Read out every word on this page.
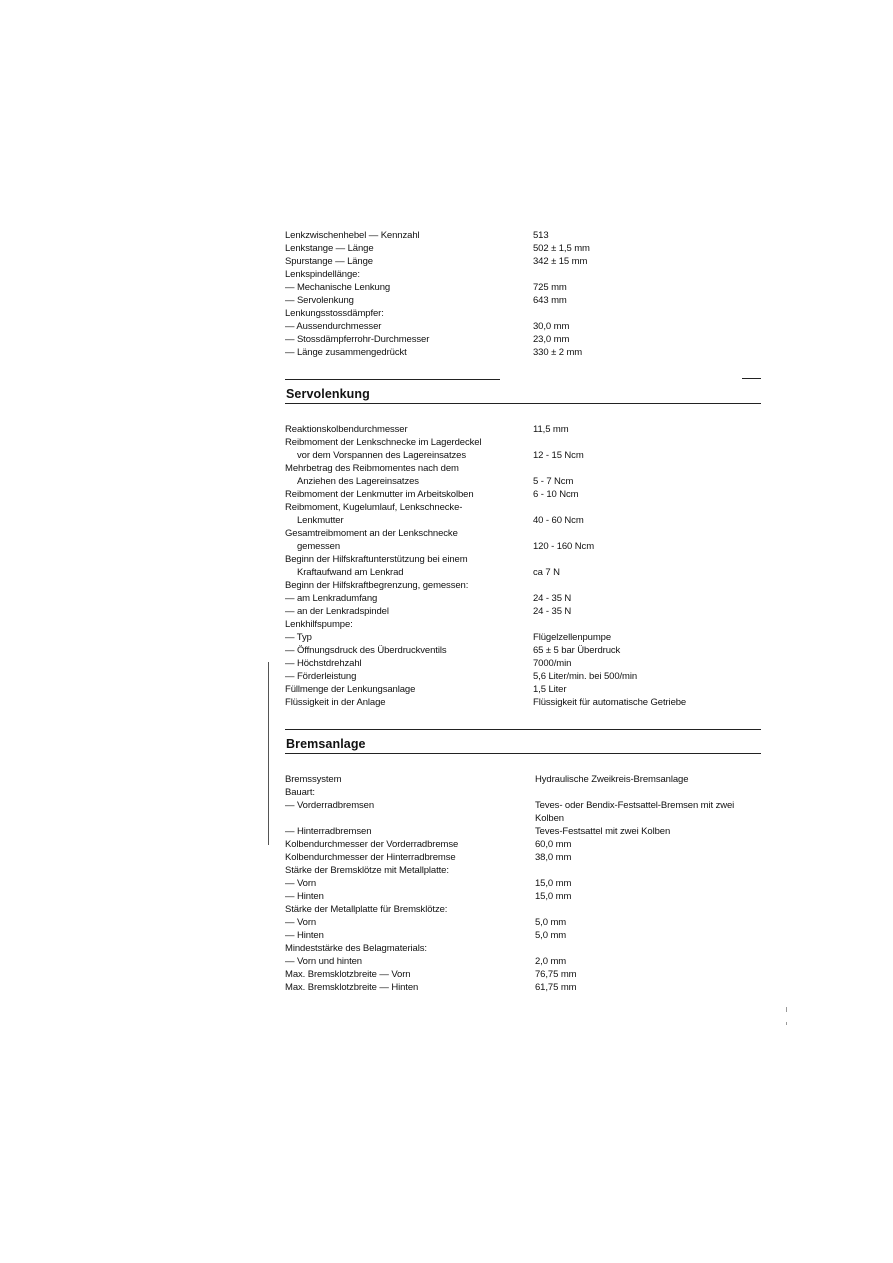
Lenkzwischenhebel — Kennzahl	513
Lenkstange — Länge	502 ± 1,5 mm
Spurstange — Länge	342 ± 15 mm
Lenkspindellänge:
— Mechanische Lenkung	725 mm
— Servolenkung	643 mm
Lenkungsstossdämpfer:
— Aussendurchmesser	30,0 mm
— Stossdämpferrohr-Durchmesser	23,0 mm
— Länge zusammengedrückt	330 ± 2 mm
Servolenkung
Reaktionskolbendurchmesser	11,5 mm
Reibmoment der Lenkschnecke im Lagerdeckel
vor dem Vorspannen des Lagereinsatzes	12 - 15 Ncm
Mehrbetrag des Reibmomentes nach dem
Anziehen des Lagereinsatzes	5 - 7 Ncm
Reibmoment der Lenkmutter im Arbeitskolben	6 - 10 Ncm
Reibmoment, Kugelumlauf, Lenkschnecke-
Lenkmutter	40 - 60 Ncm
Gesamtreibmoment an der Lenkschnecke
gemessen	120 - 160 Ncm
Beginn der Hilfskraftunterstützung bei einem
Kraftaufwand am Lenkrad	ca 7 N
Beginn der Hilfskraftbegrenzung, gemessen:
— am Lenkradumfang	24 - 35 N
— an der Lenkradspindel	24 - 35 N
Lenkhilfspumpe:
— Typ	Flügelzellenpumpe
— Öffnungsdruck des Überdruckventils	65 ± 5 bar Überdruck
— Höchstdrehzahl	7000/min
— Förderleistung	5,6 Liter/min. bei 500/min
Füllmenge der Lenkungsanlage	1,5 Liter
Flüssigkeit in der Anlage	Flüssigkeit für automatische Getriebe
Bremsanlage
Bremssystem	Hydraulische Zweikreis-Bremsanlage
Bauart:
— Vorderradbremsen	Teves- oder Bendix-Festsattel-Bremsen mit zwei
Kolben
— Hinterradbremsen	Teves-Festsattel mit zwei Kolben
Kolbendurchmesser der Vorderradbremse	60,0 mm
Kolbendurchmesser der Hinterradbremse	38,0 mm
Stärke der Bremsklötze mit Metallplatte:
— Vorn	15,0 mm
— Hinten	15,0 mm
Stärke der Metallplatte für Bremsklötze:
— Vorn	5,0 mm
— Hinten	5,0 mm
Mindeststärke des Belagmaterials:
— Vorn und hinten	2,0 mm
Max. Bremsklotzbreite — Vorn	76,75 mm
Max. Bremsklotzbreite — Hinten	61,75 mm
